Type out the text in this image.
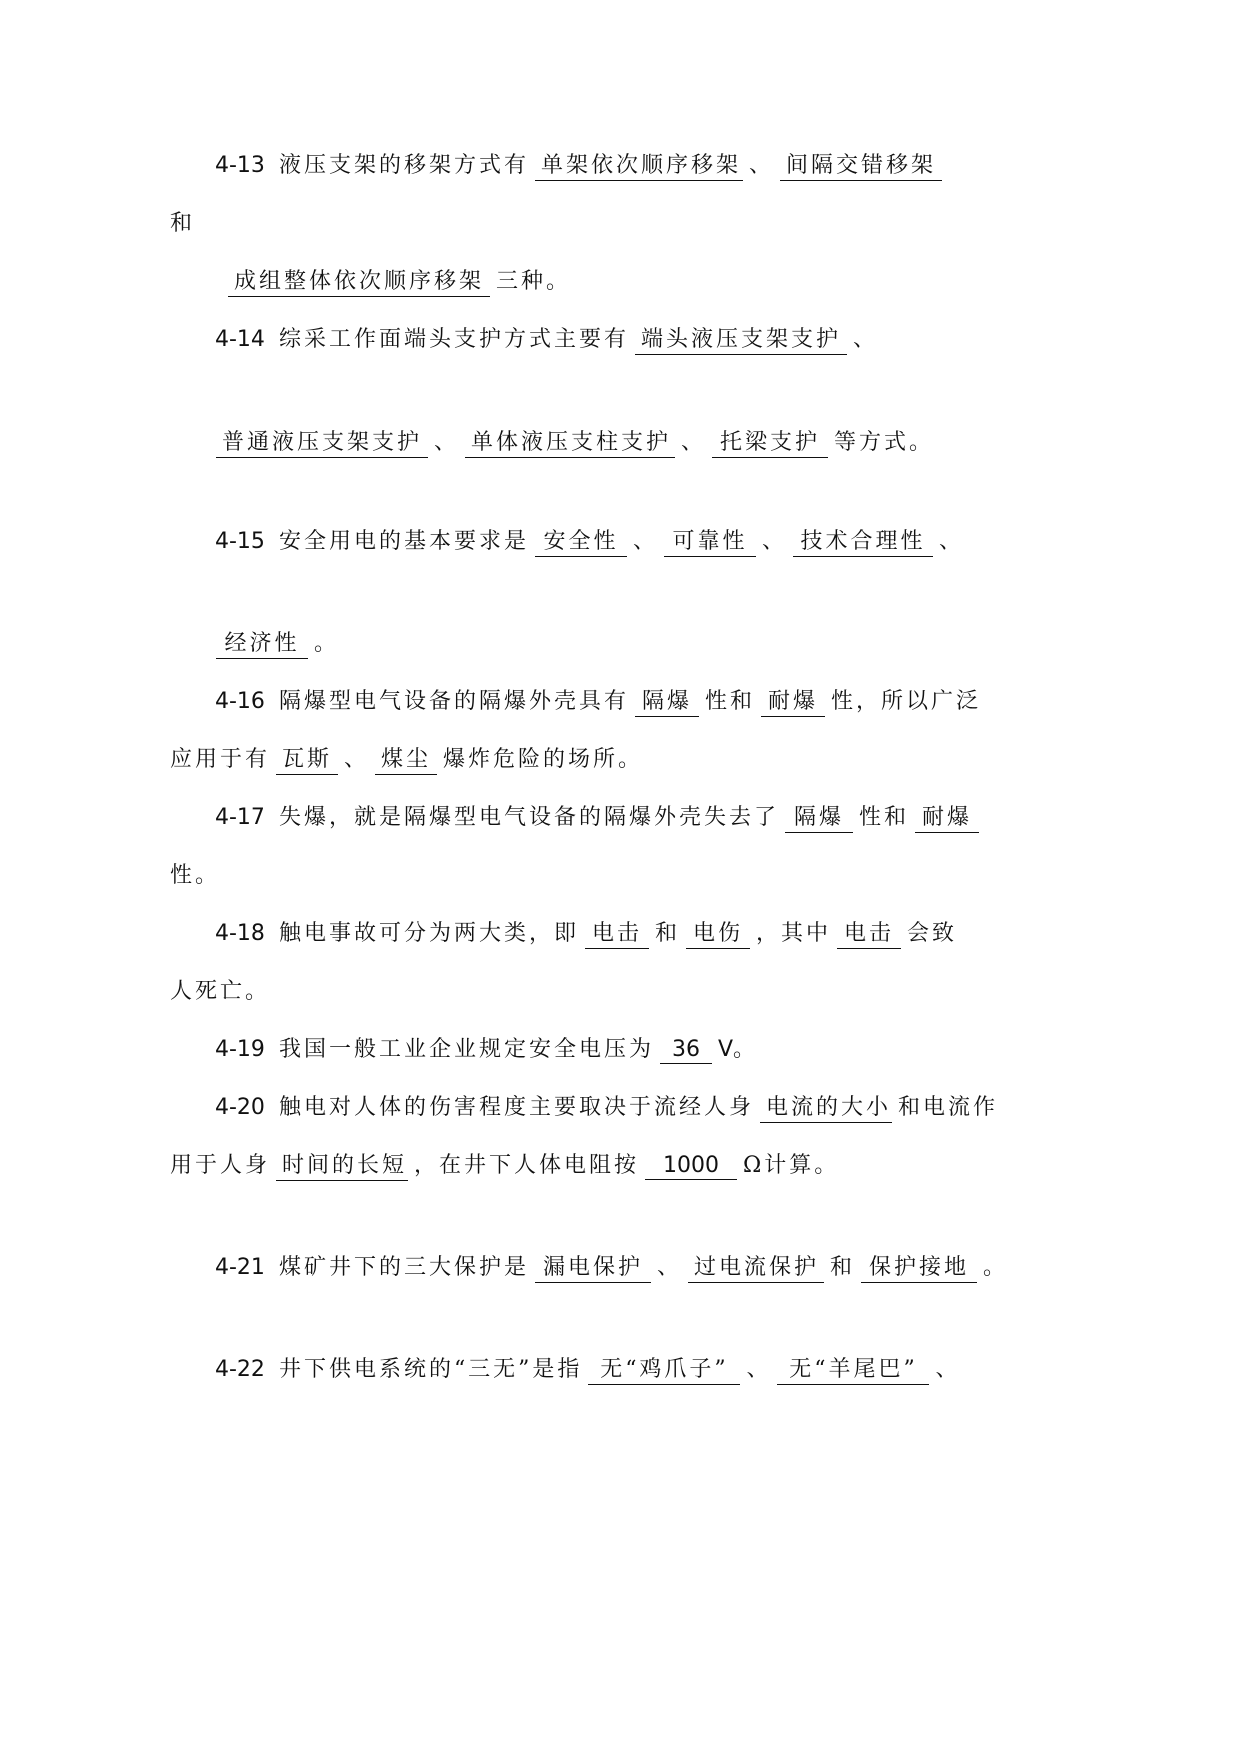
4-13 液压支架的移架方式有 单架依次顺序移架 、 间隔交错移架
和
成组整体依次顺序移架 三种。
4-14 综采工作面端头支护方式主要有 端头液压支架支护 、
普通液压支架支护 、 单体液压支柱支护 、 托梁支护 等方式。
4-15 安全用电的基本要求是 安全性 、 可靠性 、 技术合理性 、
经济性 。
4-16 隔爆型电气设备的隔爆外壳具有 隔爆 性和 耐爆 性，所以广泛
应用于有 瓦斯 、 煤尘 爆炸危险的场所。
4-17 失爆，就是隔爆型电气设备的隔爆外壳失去了 隔爆 性和 耐爆
性。
4-18 触电事故可分为两大类，即 电击 和 电伤 ，其中 电击 会致
人死亡。
4-19 我国一般工业企业规定安全电压为 36 V。
4-20 触电对人体的伤害程度主要取决于流经人身 电流的大小 和电流作
用于人身 时间的长短 ，在井下人体电阻按 1000 Ω计算。
4-21 煤矿井下的三大保护是 漏电保护 、 过电流保护 和 保护接地 。
4-22 井下供电系统的“三无”是指 无“鸡爪子” 、 无“羊尾巴” 、
